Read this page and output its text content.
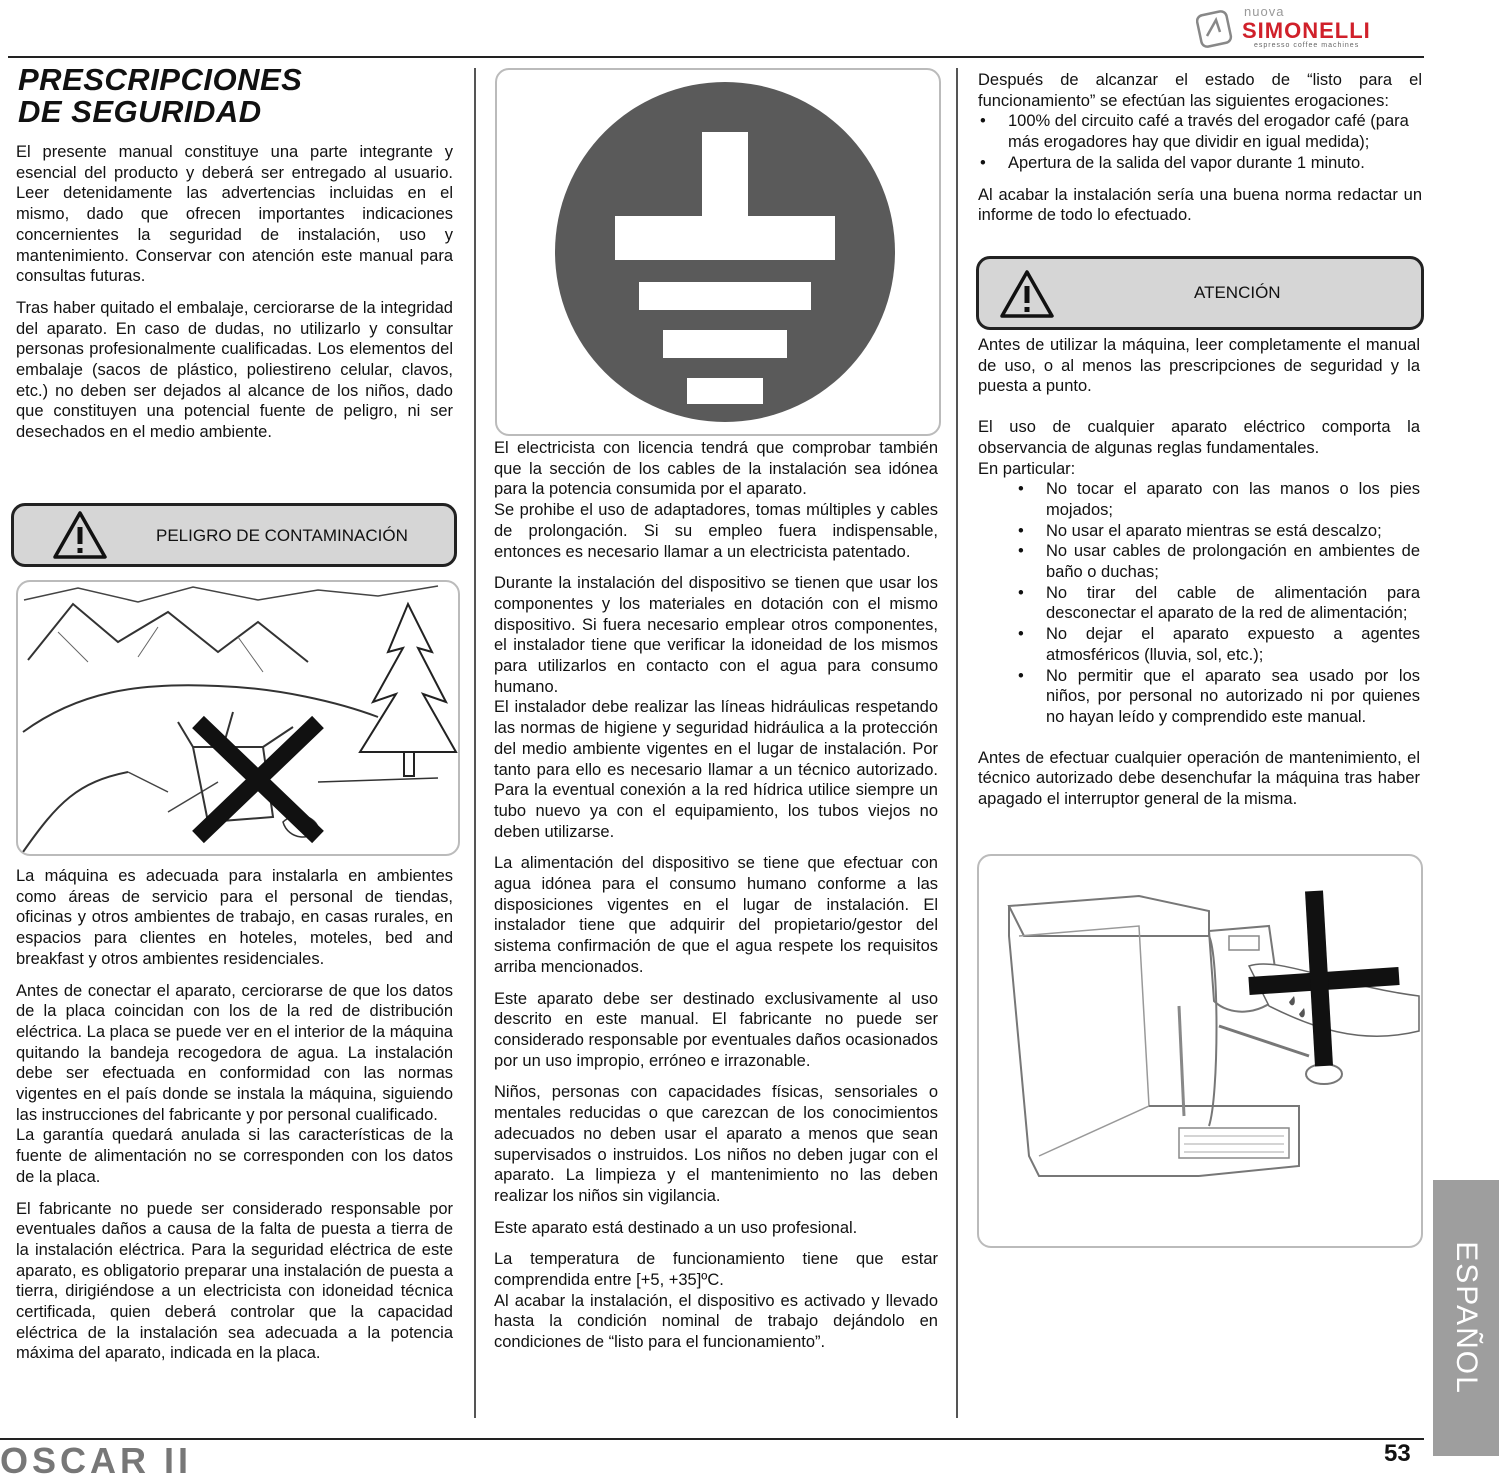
nuova
SIMONELLI
espresso coffee machines
PRESCRIPCIONES
DE SEGURIDAD

El presente manual constituye una parte integrante y esencial del producto y deberá ser entregado al usuario. Leer detenidamente las advertencias incluidas en el mismo, dado que ofrecen importantes indicaciones concernientes la seguridad de instalación, uso y mantenimiento. Conservar con atención este manual para consultas futuras.

Tras haber quitado el embalaje, cerciorarse de la integridad del aparato. En caso de dudas, no utilizarlo y consultar personas profesionalmente cualificadas. Los elementos del embalaje (sacos de plástico, poliestireno celular, clavos, etc.) no deben ser dejados al alcance de los niños, dado que constituyen una potencial fuente de peligro, ni ser desechados en el medio ambiente.

PELIGRO DE CONTAMINACIÓN

La máquina es adecuada para instalarla en ambientes como áreas de servicio para el personal de tiendas, oficinas y otros ambientes de trabajo, en casas rurales, en espacios para clientes en hoteles, moteles, bed and breakfast y otros ambientes residenciales.

Antes de conectar el aparato, cerciorarse de que los datos de la placa coincidan con los de la red de distribución eléctrica. La placa se puede ver en el interior de la máquina quitando la bandeja recogedora de agua. La instalación debe ser efectuada en conformidad con las normas vigentes en el país donde se instala la máquina, siguiendo las instrucciones del fabricante y por personal cualificado.

La garantía quedará anulada si las características de la fuente de alimentación no se corresponden con los datos de la placa.

El fabricante no puede ser considerado responsable por eventuales daños a causa de la falta de puesta a tierra de la instalación eléctrica. Para la seguridad eléctrica de este aparato, es obligatorio preparar una instalación de puesta a tierra, dirigiéndose a un electricista con idoneidad técnica certificada, quien deberá controlar que la capacidad eléctrica de la instalación sea adecuada a la potencia máxima del aparato, indicada en la placa.

El electricista con licencia tendrá que comprobar también que la sección de los cables de la instalación sea idónea para la potencia consumida por el aparato.

Se prohibe el uso de adaptadores, tomas múltiples y cables de prolongación. Si su empleo fuera indispensable, entonces es necesario llamar a un electricista patentado.

Durante la instalación del dispositivo se tienen que usar los componentes y los materiales en dotación con el mismo dispositivo. Si fuera necesario emplear otros componentes, el instalador tiene que verificar la idoneidad de los mismos para utilizarlos en contacto con el agua para consumo humano.

El instalador debe realizar las líneas hidráulicas respetando las normas de higiene y seguridad hidráulica a la protección del medio ambiente vigentes en el lugar de instalación. Por tanto para ello es necesario llamar a un técnico autorizado. Para la eventual conexión a la red hídrica utilice siempre un tubo nuevo ya con el equipamiento, los tubos viejos no deben utilizarse.

La alimentación del dispositivo se tiene que efectuar con agua idónea para el consumo humano conforme a las disposiciones vigentes en el lugar de instalación. El instalador tiene que adquirir del propietario/gestor del sistema confirmación de que el agua respete los requisitos arriba mencionados.

Este aparato debe ser destinado exclusivamente al uso descrito en este manual. El fabricante no puede ser considerado responsable por eventuales daños ocasionados por un uso impropio, erróneo e irrazonable.

Niños, personas con capacidades físicas, sensoriales o mentales reducidas o que carezcan de los conocimientos adecuados no deben usar el aparato a menos que sean supervisados o instruidos. Los niños no deben jugar con el aparato. La limpieza y el mantenimiento no las deben realizar los niños sin vigilancia.

Este aparato está destinado a un uso profesional.

La temperatura de funcionamiento tiene que estar comprendida entre [+5, +35]ºC.

Al acabar la instalación, el dispositivo es activado y llevado hasta la condición nominal de trabajo dejándolo en condiciones de “listo para el funcionamiento”.

Después de alcanzar el estado de “listo para el funcionamiento” se efectúan las siguientes erogaciones:

• 100% del circuito café a través del erogador café (para más erogadores hay que dividir en igual medida);
• Apertura de la salida del vapor durante 1 minuto.

Al acabar la instalación sería una buena norma redactar un informe de todo lo efectuado.

ATENCIÓN

Antes de utilizar la máquina, leer completamente el manual de uso, o al menos las prescripciones de seguridad y la puesta a punto.

El uso de cualquier aparato eléctrico comporta la observancia de algunas reglas fundamentales.

En particular:

• No tocar el aparato con las manos o los pies mojados;
• No usar el aparato mientras se está descalzo;
• No usar cables de prolongación en ambientes de baño o duchas;
• No tirar del cable de alimentación para desconectar el aparato de la red de alimentación;
• No dejar el aparato expuesto a agentes atmosféricos (lluvia, sol, etc.);
• No permitir que el aparato sea usado por los niños, por personal no autorizado ni por quienes no hayan leído y comprendido este manual.

Antes de efectuar cualquier operación de mantenimiento, el técnico autorizado debe desenchufar la máquina tras haber apagado el interruptor general de la misma.

ESPAÑOL
OSCAR II	53
